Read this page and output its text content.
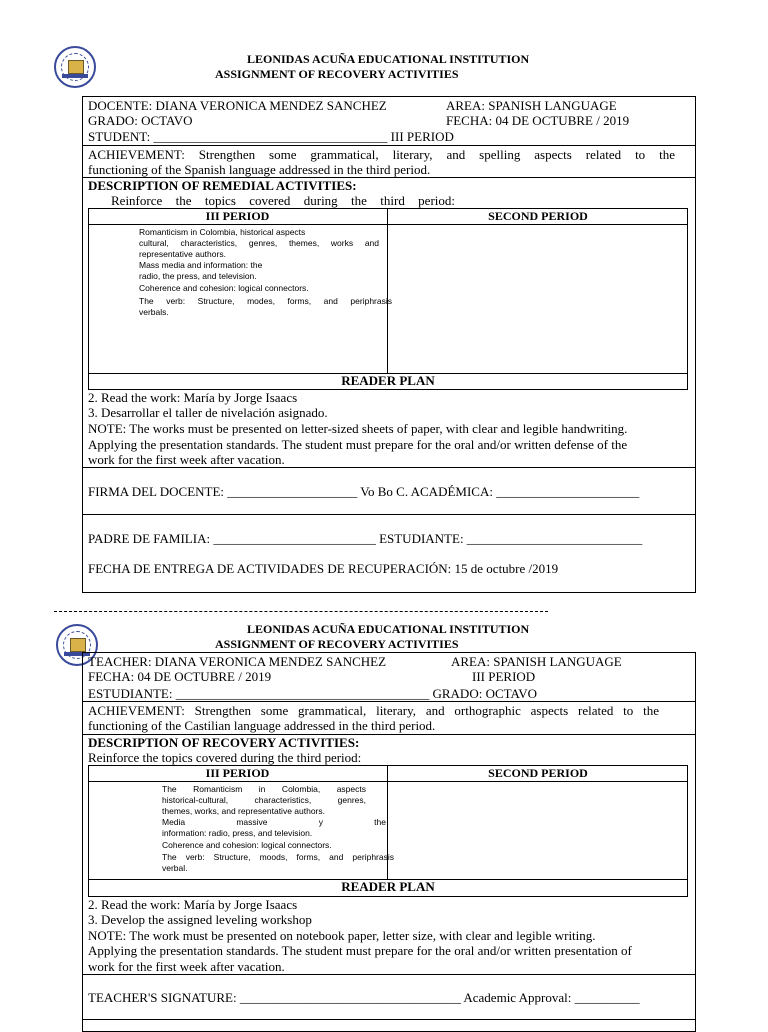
LEONIDAS ACUÑA EDUCATIONAL INSTITUTION
ASSIGNMENT OF RECOVERY ACTIVITIES
DOCENTE: DIANA VERONICA MENDEZ SANCHEZ	AREA: SPANISH LANGUAGE
GRADO: OCTAVO	FECHA: 04 DE OCTUBRE / 2019
STUDENT: ____________________________________ III PERIOD
ACHIEVEMENT: Strengthen some grammatical, literary, and spelling aspects related to the
functioning of the Spanish language addressed in the third period.
DESCRIPTION OF REMEDIAL ACTIVITIES:
Reinforce the topics covered during the third period:
III PERIOD	SECOND PERIOD
Romanticism in Colombia, historical aspects
cultural, characteristics, genres, themes, works and
representative authors.
Mass media and information: the
radio, the press, and television.
Coherence and cohesion: logical connectors.
The verb: Structure, modes, forms, and periphrasis
verbals.
READER PLAN
2. Read the work: María by Jorge Isaacs
3. Desarrollar el taller de nivelación asignado.
NOTE: The works must be presented on letter-sized sheets of paper, with clear and legible handwriting.
Applying the presentation standards. The student must prepare for the oral and/or written defense of the
work for the first week after vacation.
FIRMA DEL DOCENTE: ____________________ Vo Bo C. ACADÉMICA: ______________________
PADRE DE FAMILIA: _________________________ ESTUDIANTE: ___________________________
FECHA DE ENTREGA DE ACTIVIDADES DE RECUPERACIÓN: 15 de octubre /2019
LEONIDAS ACUÑA EDUCATIONAL INSTITUTION
ASSIGNMENT OF RECOVERY ACTIVITIES
TEACHER: DIANA VERONICA MENDEZ SANCHEZ	AREA: SPANISH LANGUAGE
FECHA: 04 DE OCTUBRE / 2019	III PERIOD
ESTUDIANTE: _______________________________________ GRADO: OCTAVO
ACHIEVEMENT: Strengthen some grammatical, literary, and orthographic aspects related to the
functioning of the Castilian language addressed in the third period.
DESCRIPTION OF RECOVERY ACTIVITIES:
Reinforce the topics covered during the third period:
III PERIOD	SECOND PERIOD
The Romanticism in Colombia, aspects
historical-cultural, characteristics, genres,
themes, works, and representative authors.
Media massive y the
information: radio, press, and television.
Coherence and cohesion: logical connectors.
The verb: Structure, moods, forms, and periphrasis
verbal.
READER PLAN
2. Read the work: María by Jorge Isaacs
3. Develop the assigned leveling workshop
NOTE: The work must be presented on notebook paper, letter size, with clear and legible writing.
Applying the presentation standards. The student must prepare for the oral and/or written presentation of
work for the first week after vacation.
TEACHER'S SIGNATURE: __________________________________ Academic Approval: __________
